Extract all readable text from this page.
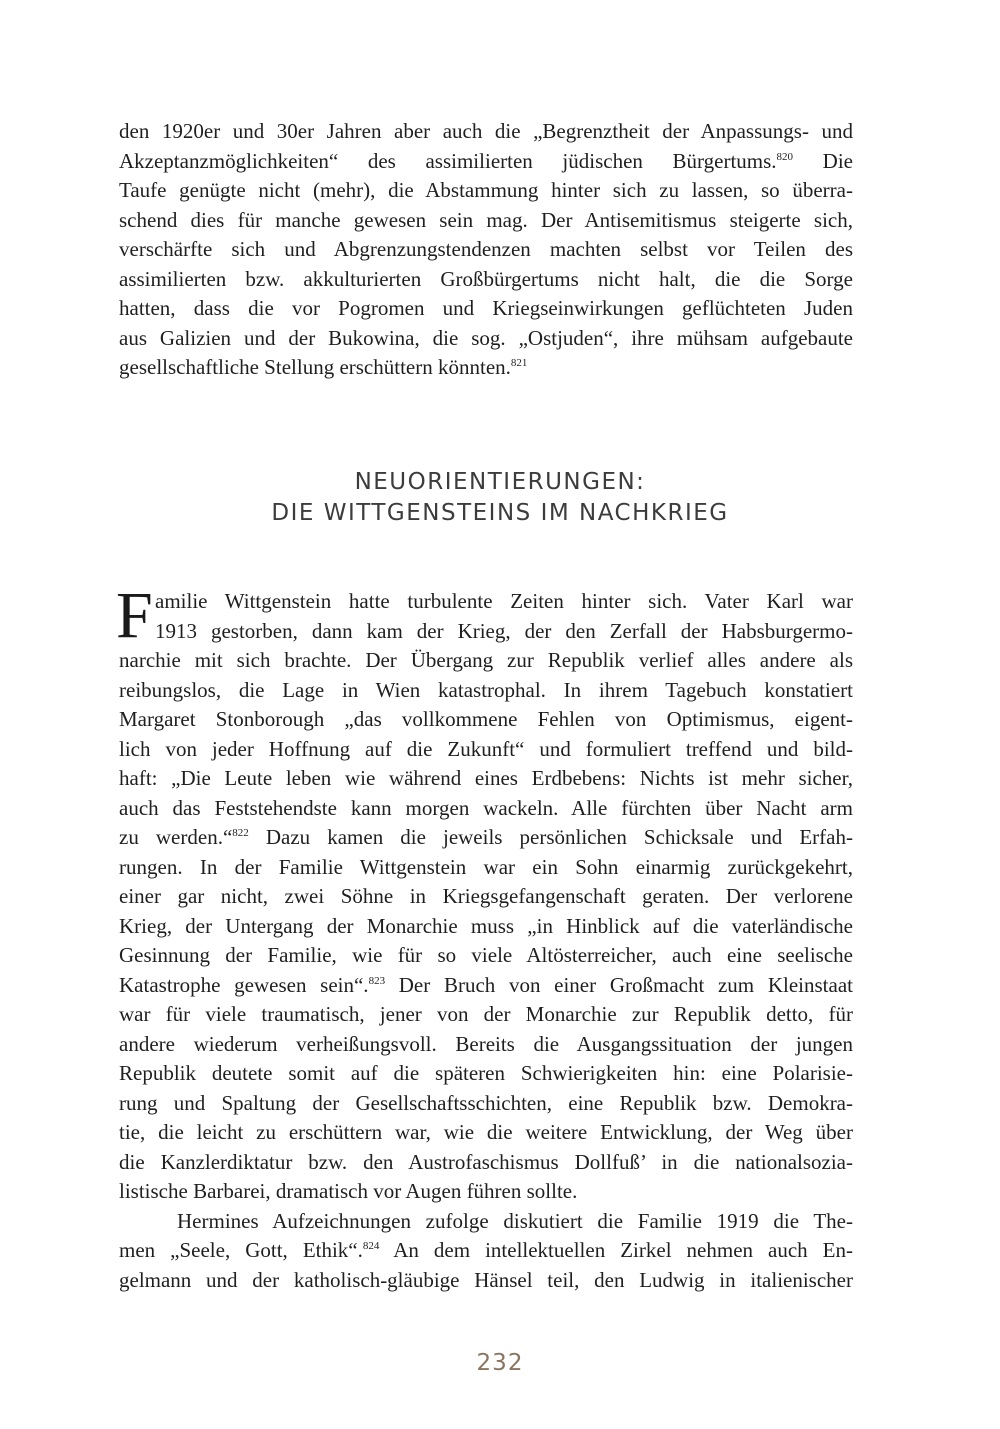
den 1920er und 30er Jahren aber auch die „Begrenztheit der Anpassungs- und
Akzeptanzmöglichkeiten“ des assimilierten jüdischen Bürgertums.$^{820}$ Die
Taufe genügte nicht (mehr), die Abstammung hinter sich zu lassen, so überra-
schend dies für manche gewesen sein mag. Der Antisemitismus steigerte sich,
verschärfte sich und Abgrenzungstendenzen machten selbst vor Teilen des
assimilierten bzw. akkulturierten Großbürgertums nicht halt, die die Sorge
hatten, dass die vor Pogromen und Kriegseinwirkungen geflüchteten Juden
aus Galizien und der Bukowina, die sog. „Ostjuden“, ihre mühsam aufgebaute
gesellschaftliche Stellung erschüttern könnten.$^{821}$
NEUORIENTIERUNGEN:
DIE WITTGENSTEINS IM NACHKRIEG
F amilie Wittgenstein hatte turbulente Zeiten hinter sich. Vater Karl war
1913 gestorben, dann kam der Krieg, der den Zerfall der Habsburgermo-
narchie mit sich brachte. Der Übergang zur Republik verlief alles andere als
reibungslos, die Lage in Wien katastrophal. In ihrem Tagebuch konstatiert
Margaret Stonborough „das vollkommene Fehlen von Optimismus, eigent-
lich von jeder Hoffnung auf die Zukunft“ und formuliert treffend und bild-
haft: „Die Leute leben wie während eines Erdbebens: Nichts ist mehr sicher,
auch das Feststehendste kann morgen wackeln. Alle fürchten über Nacht arm
zu werden.“$^{822}$ Dazu kamen die jeweils persönlichen Schicksale und Erfah-
rungen. In der Familie Wittgenstein war ein Sohn einarmig zurückgekehrt,
einer gar nicht, zwei Söhne in Kriegsgefangenschaft geraten. Der verlorene
Krieg, der Untergang der Monarchie muss „in Hinblick auf die vaterländische
Gesinnung der Familie, wie für so viele Altösterreicher, auch eine seelische
Katastrophe gewesen sein“.$^{823}$ Der Bruch von einer Großmacht zum Kleinstaat
war für viele traumatisch, jener von der Monarchie zur Republik detto, für
andere wiederum verheißungsvoll. Bereits die Ausgangssituation der jungen
Republik deutete somit auf die späteren Schwierigkeiten hin: eine Polarisie-
rung und Spaltung der Gesellschaftsschichten, eine Republik bzw. Demokra-
tie, die leicht zu erschüttern war, wie die weitere Entwicklung, der Weg über
die Kanzlerdiktatur bzw. den Austrofaschismus Dollfuß’ in die nationalsozia-
listische Barbarei, dramatisch vor Augen führen sollte.
Hermines Aufzeichnungen zufolge diskutiert die Familie 1919 die The-
men „Seele, Gott, Ethik“.$^{824}$ An dem intellektuellen Zirkel nehmen auch En-
gelmann und der katholisch-gläubige Hänsel teil, den Ludwig in italienischer
232
